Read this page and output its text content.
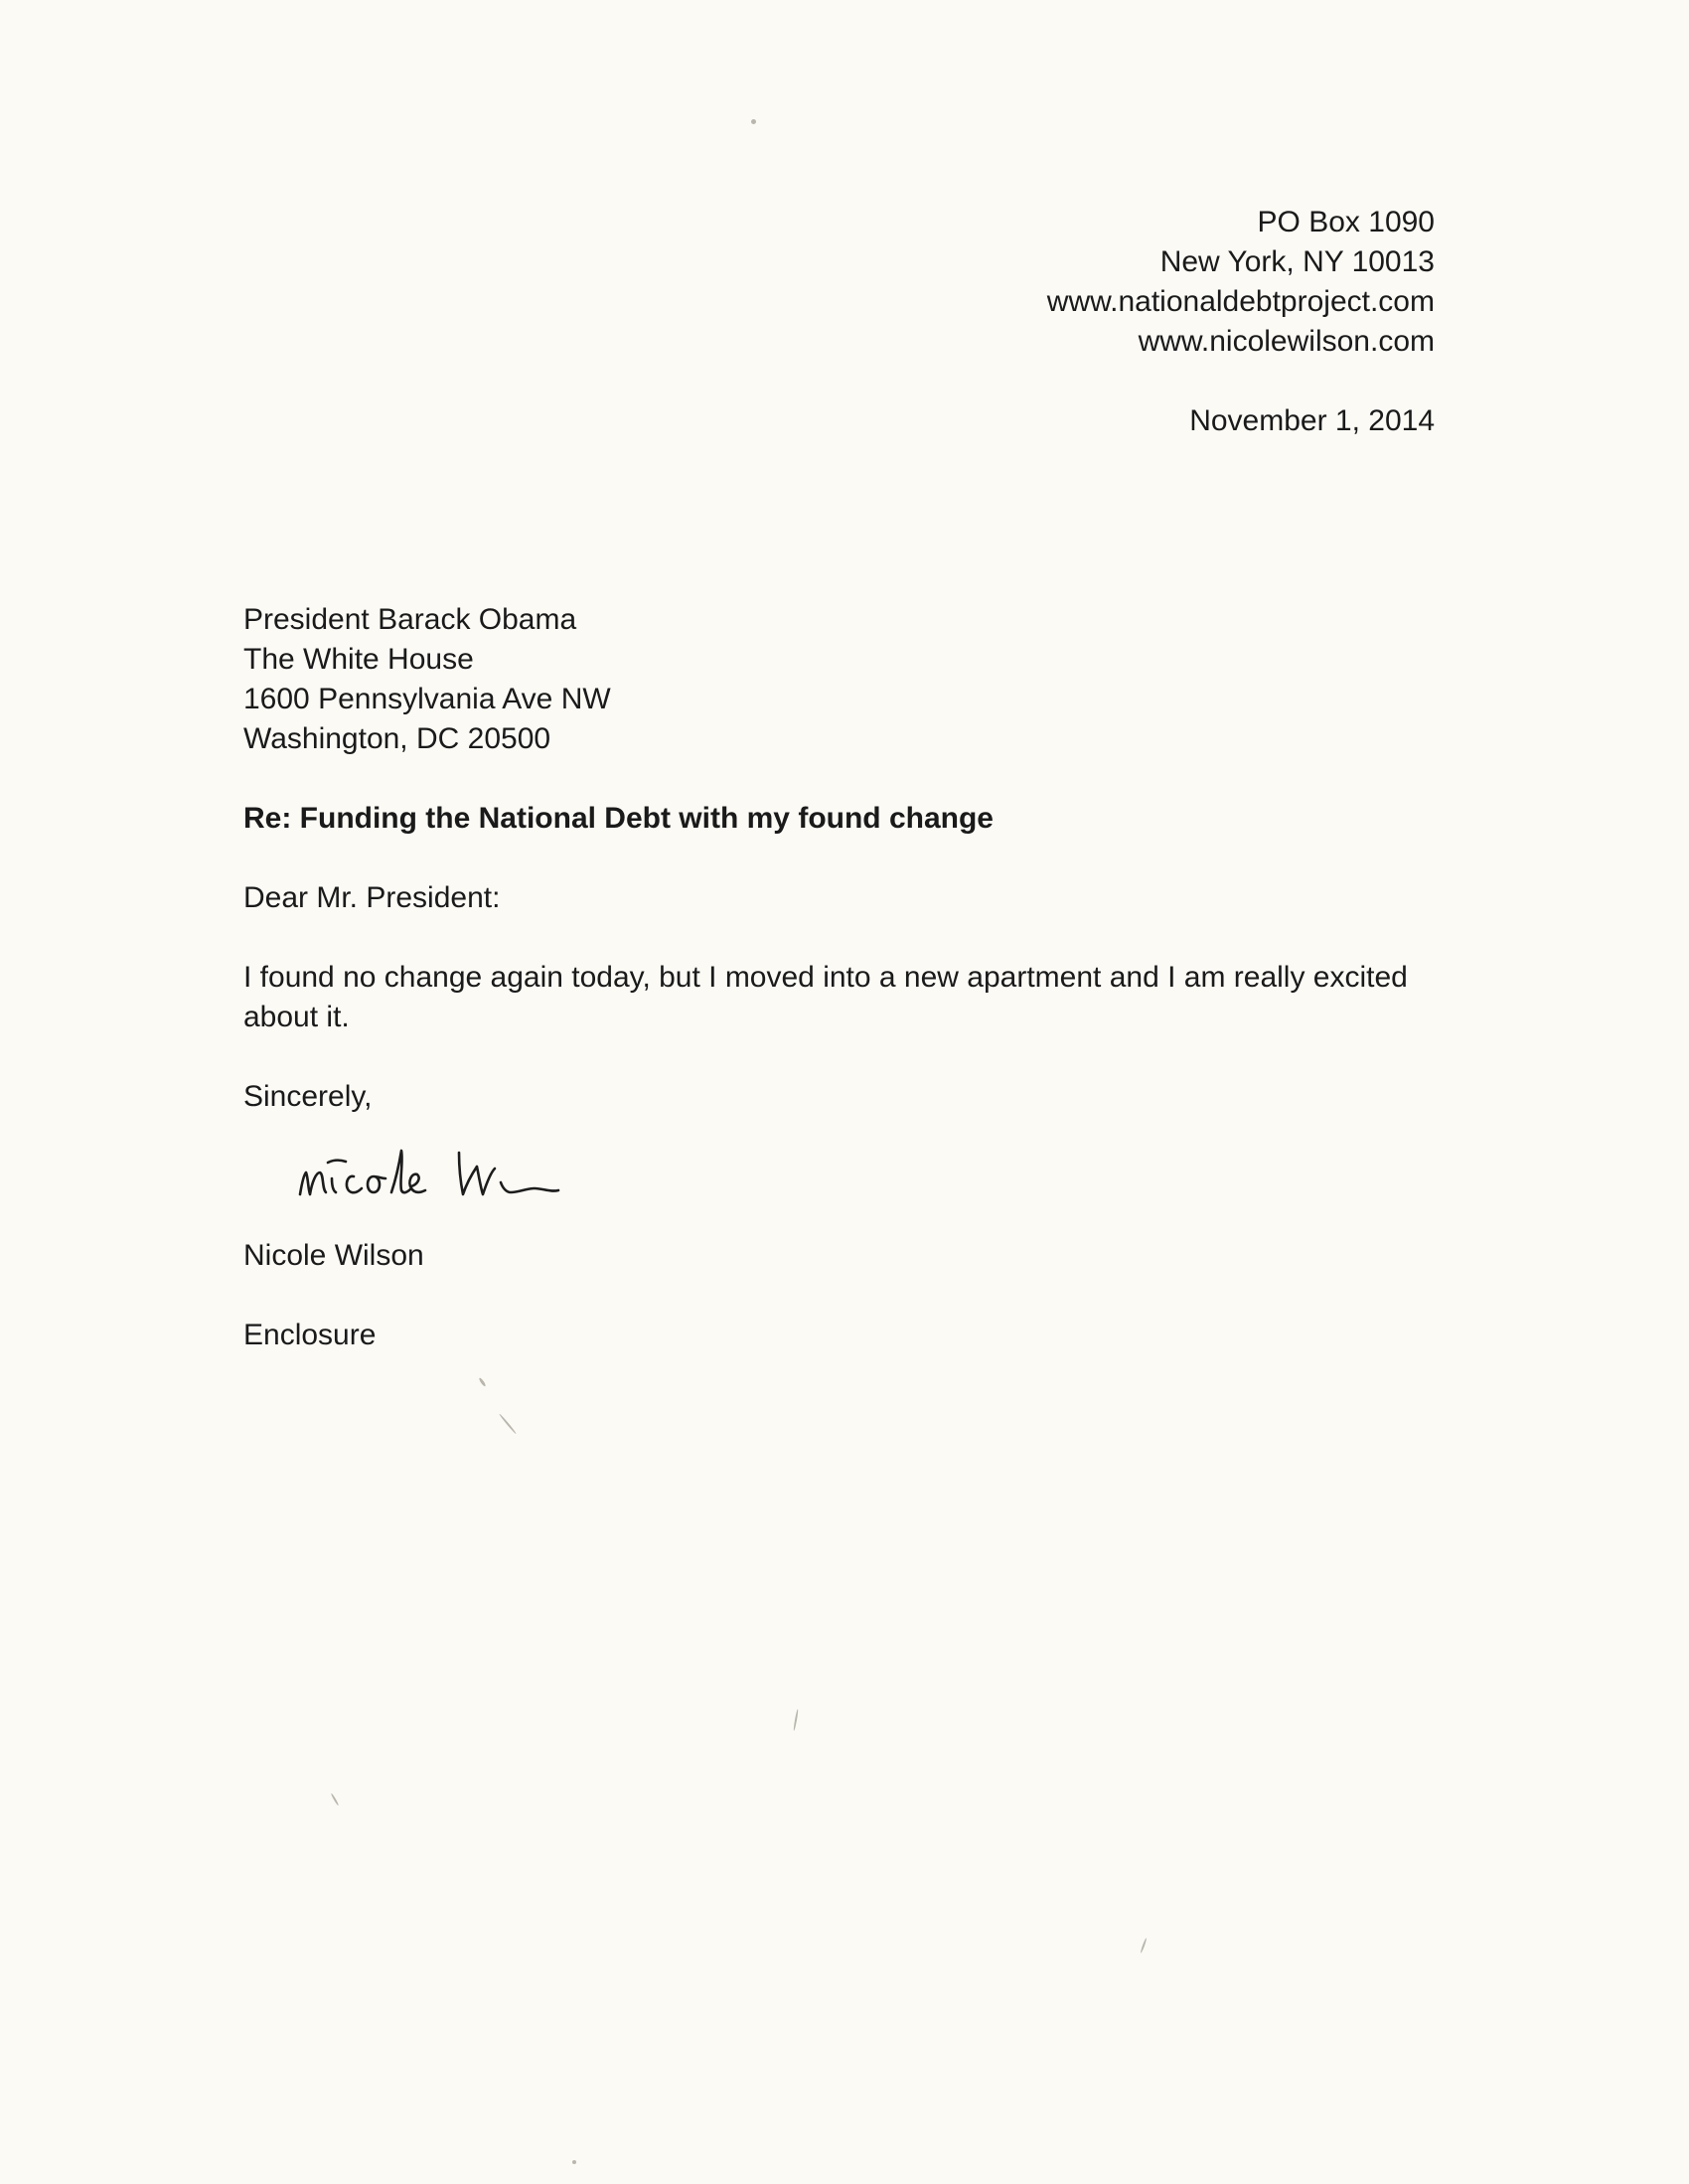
PO Box 1090
New York, NY 10013
www.nationaldebtproject.com
www.nicolewilson.com
November 1, 2014
President Barack Obama
The White House
1600 Pennsylvania Ave NW
Washington, DC 20500
Re: Funding the National Debt with my found change
Dear Mr. President:

I found no change again today, but I moved into a new apartment and I am really excited about it.

Sincerely,
Nicole Wilson
Enclosure
